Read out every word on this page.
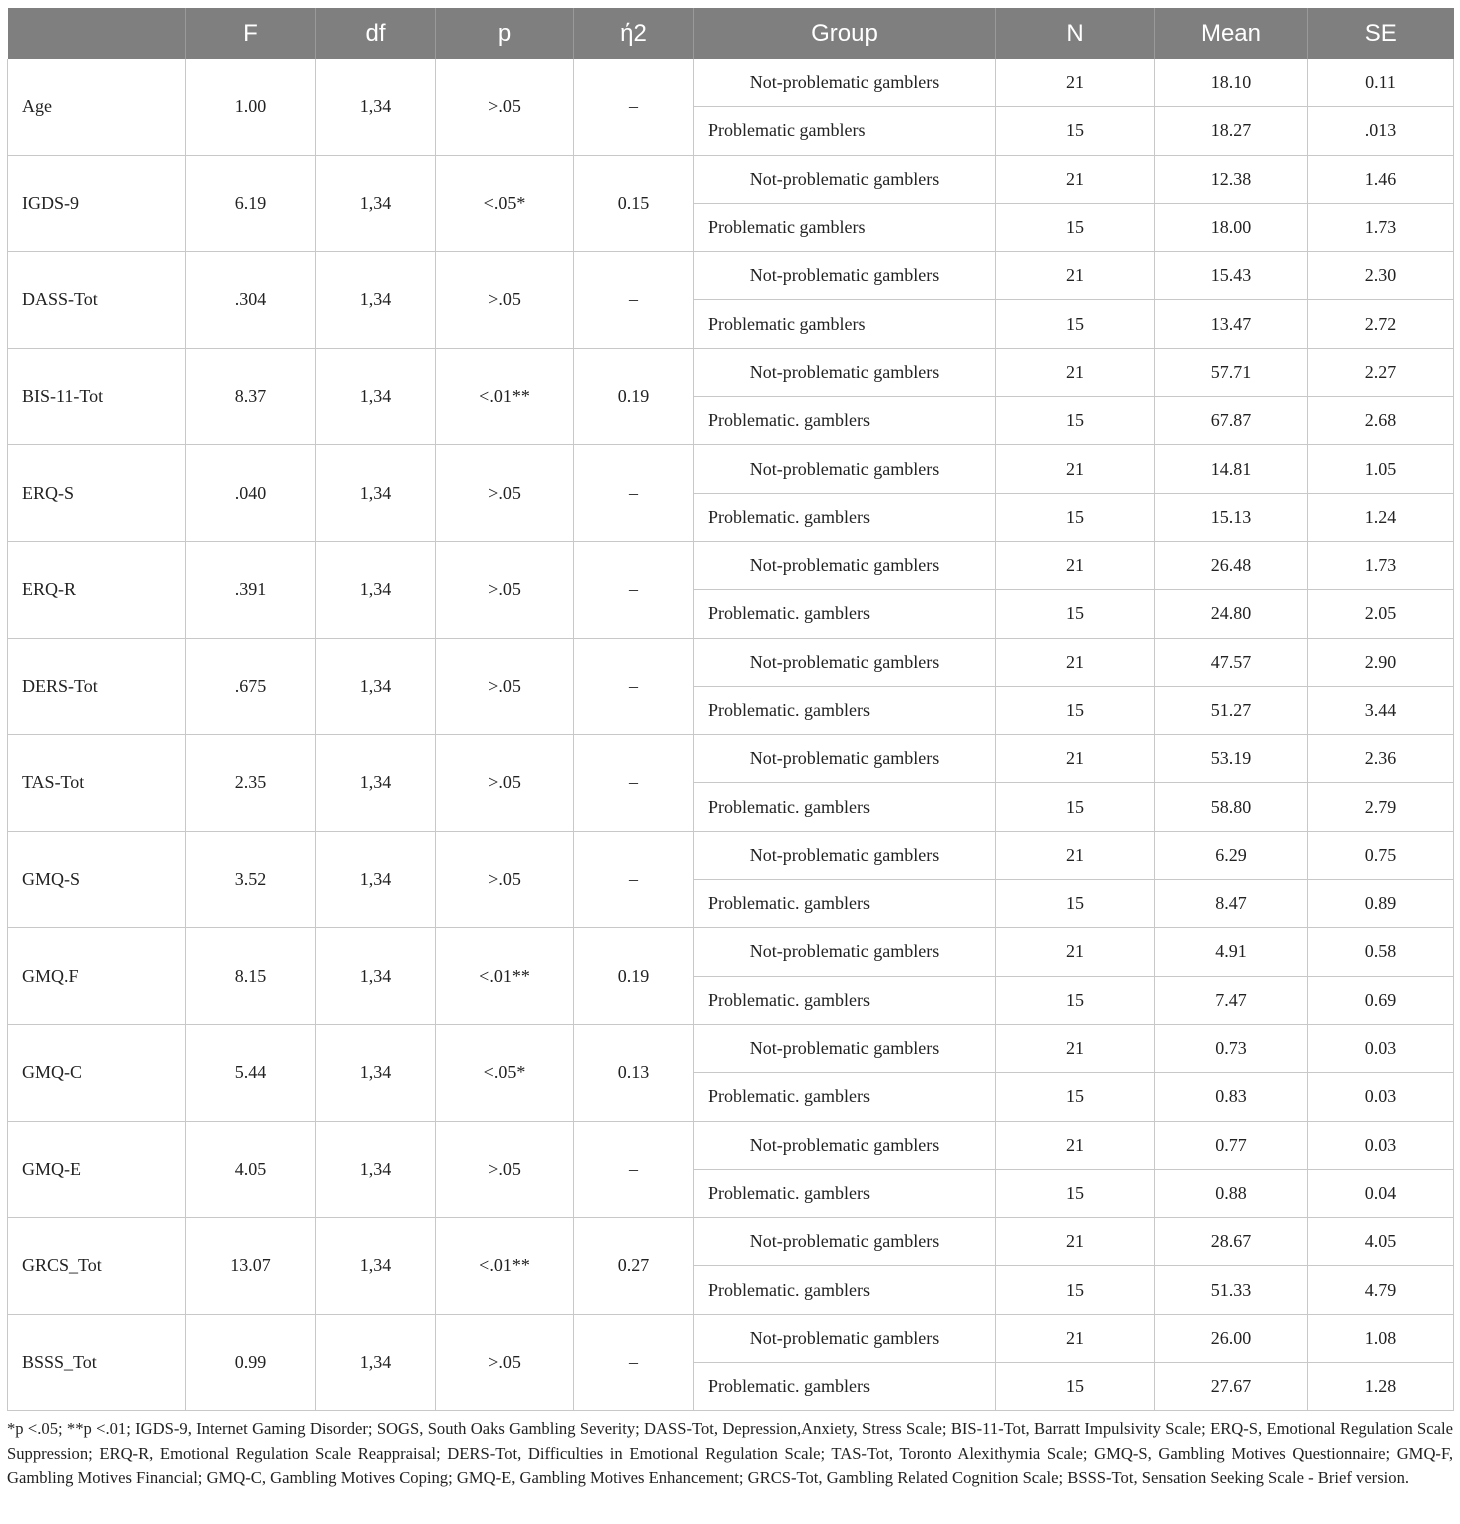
	F	df	p	ή2	Group	N	Mean	SE
Age	1.00	1,34	>.05	–	Not-problematic gamblers	21	18.10	0.11
					Problematic gamblers	15	18.27	.013
IGDS-9	6.19	1,34	<.05*	0.15	Not-problematic gamblers	21	12.38	1.46
					Problematic gamblers	15	18.00	1.73
DASS-Tot	.304	1,34	>.05	–	Not-problematic gamblers	21	15.43	2.30
					Problematic gamblers	15	13.47	2.72
BIS-11-Tot	8.37	1,34	<.01**	0.19	Not-problematic gamblers	21	57.71	2.27
					Problematic. gamblers	15	67.87	2.68
ERQ-S	.040	1,34	>.05	–	Not-problematic gamblers	21	14.81	1.05
					Problematic. gamblers	15	15.13	1.24
ERQ-R	.391	1,34	>.05	–	Not-problematic gamblers	21	26.48	1.73
					Problematic. gamblers	15	24.80	2.05
DERS-Tot	.675	1,34	>.05	–	Not-problematic gamblers	21	47.57	2.90
					Problematic. gamblers	15	51.27	3.44
TAS-Tot	2.35	1,34	>.05	–	Not-problematic gamblers	21	53.19	2.36
					Problematic. gamblers	15	58.80	2.79
GMQ-S	3.52	1,34	>.05	–	Not-problematic gamblers	21	6.29	0.75
					Problematic. gamblers	15	8.47	0.89
GMQ.F	8.15	1,34	<.01**	0.19	Not-problematic gamblers	21	4.91	0.58
					Problematic. gamblers	15	7.47	0.69
GMQ-C	5.44	1,34	<.05*	0.13	Not-problematic gamblers	21	0.73	0.03
					Problematic. gamblers	15	0.83	0.03
GMQ-E	4.05	1,34	>.05	–	Not-problematic gamblers	21	0.77	0.03
					Problematic. gamblers	15	0.88	0.04
GRCS_Tot	13.07	1,34	<.01**	0.27	Not-problematic gamblers	21	28.67	4.05
					Problematic. gamblers	15	51.33	4.79
BSSS_Tot	0.99	1,34	>.05	–	Not-problematic gamblers	21	26.00	1.08
					Problematic. gamblers	15	27.67	1.28
*p <.05; **p <.01; IGDS-9, Internet Gaming Disorder; SOGS, South Oaks Gambling Severity; DASS-Tot, Depression,Anxiety, Stress Scale; BIS-11-Tot, Barratt Impulsivity Scale; ERQ-S, Emotional Regulation Scale Suppression; ERQ-R, Emotional Regulation Scale Reappraisal; DERS-Tot, Difficulties in Emotional Regulation Scale; TAS-Tot, Toronto Alexithymia Scale; GMQ-S, Gambling Motives Questionnaire; GMQ-F, Gambling Motives Financial; GMQ-C, Gambling Motives Coping; GMQ-E, Gambling Motives Enhancement; GRCS-Tot, Gambling Related Cognition Scale; BSSS-Tot, Sensation Seeking Scale - Brief version.
